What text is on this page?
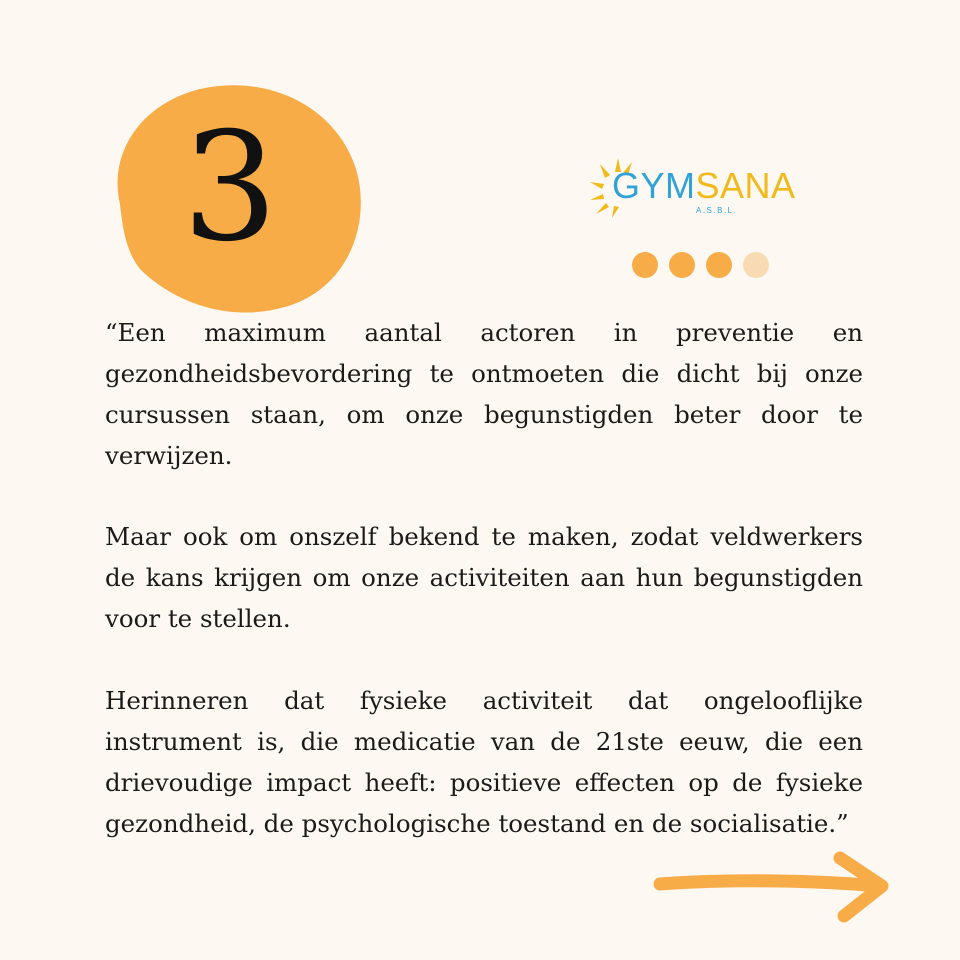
3	GYMSANA
A.S.B.L.

“Een maximum aantal actoren in preventie en gezondheidsbevordering te ontmoeten die dicht bij onze cursussen staan, om onze begunstigden beter door te verwijzen.

Maar ook om onszelf bekend te maken, zodat veldwerkers de kans krijgen om onze activiteiten aan hun begunstigden voor te stellen.

Herinneren dat fysieke activiteit dat ongelooflijke instrument is, die medicatie van de 21ste eeuw, die een drievoudige impact heeft: positieve effecten op de fysieke gezondheid, de psychologische toestand en de socialisatie.”
